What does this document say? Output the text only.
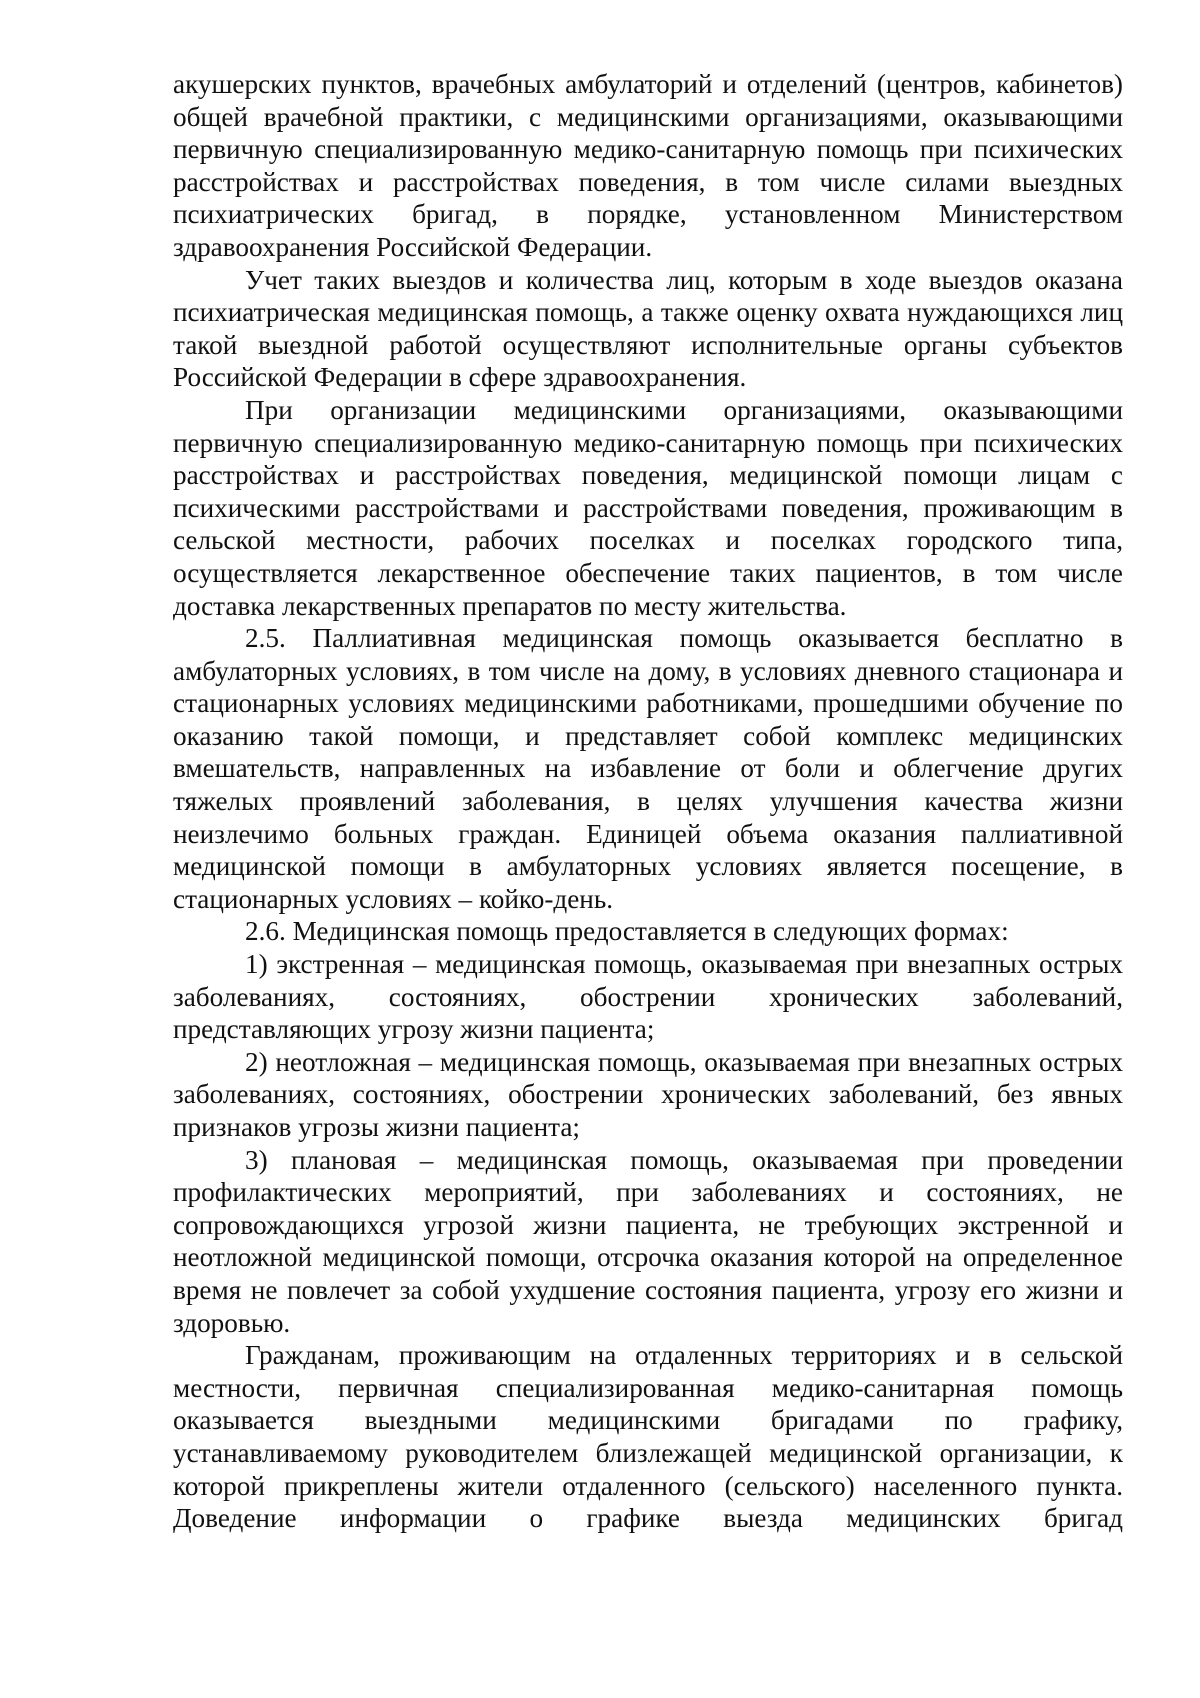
акушерских пунктов, врачебных амбулаторий и отделений (центров, кабинетов) общей врачебной практики, с медицинскими организациями, оказывающими первичную специализированную медико-санитарную помощь при психических расстройствах и расстройствах поведения, в том числе силами выездных психиатрических бригад, в порядке, установленном Министерством здравоохранения Российской Федерации.

Учет таких выездов и количества лиц, которым в ходе выездов оказана психиатрическая медицинская помощь, а также оценку охвата нуждающихся лиц такой выездной работой осуществляют исполнительные органы субъектов Российской Федерации в сфере здравоохранения.

При организации медицинскими организациями, оказывающими первичную специализированную медико-санитарную помощь при психических расстройствах и расстройствах поведения, медицинской помощи лицам с психическими расстройствами и расстройствами поведения, проживающим в сельской местности, рабочих поселках и поселках городского типа, осуществляется лекарственное обеспечение таких пациентов, в том числе доставка лекарственных препаратов по месту жительства.

2.5. Паллиативная медицинская помощь оказывается бесплатно в амбулаторных условиях, в том числе на дому, в условиях дневного стационара и стационарных условиях медицинскими работниками, прошедшими обучение по оказанию такой помощи, и представляет собой комплекс медицинских вмешательств, направленных на избавление от боли и облегчение других тяжелых проявлений заболевания, в целях улучшения качества жизни неизлечимо больных граждан. Единицей объема оказания паллиативной медицинской помощи в амбулаторных условиях является посещение, в стационарных условиях – койко-день.

2.6. Медицинская помощь предоставляется в следующих формах:

1) экстренная – медицинская помощь, оказываемая при внезапных острых заболеваниях, состояниях, обострении хронических заболеваний, представляющих угрозу жизни пациента;

2) неотложная – медицинская помощь, оказываемая при внезапных острых заболеваниях, состояниях, обострении хронических заболеваний, без явных признаков угрозы жизни пациента;

3) плановая – медицинская помощь, оказываемая при проведении профилактических мероприятий, при заболеваниях и состояниях, не сопровождающихся угрозой жизни пациента, не требующих экстренной и неотложной медицинской помощи, отсрочка оказания которой на определенное время не повлечет за собой ухудшение состояния пациента, угрозу его жизни и здоровью.

Гражданам, проживающим на отдаленных территориях и в сельской местности, первичная специализированная медико-санитарная помощь оказывается выездными медицинскими бригадами по графику, устанавливаемому руководителем близлежащей медицинской организации, к которой прикреплены жители отдаленного (сельского) населенного пункта. Доведение информации о графике выезда медицинских бригад
